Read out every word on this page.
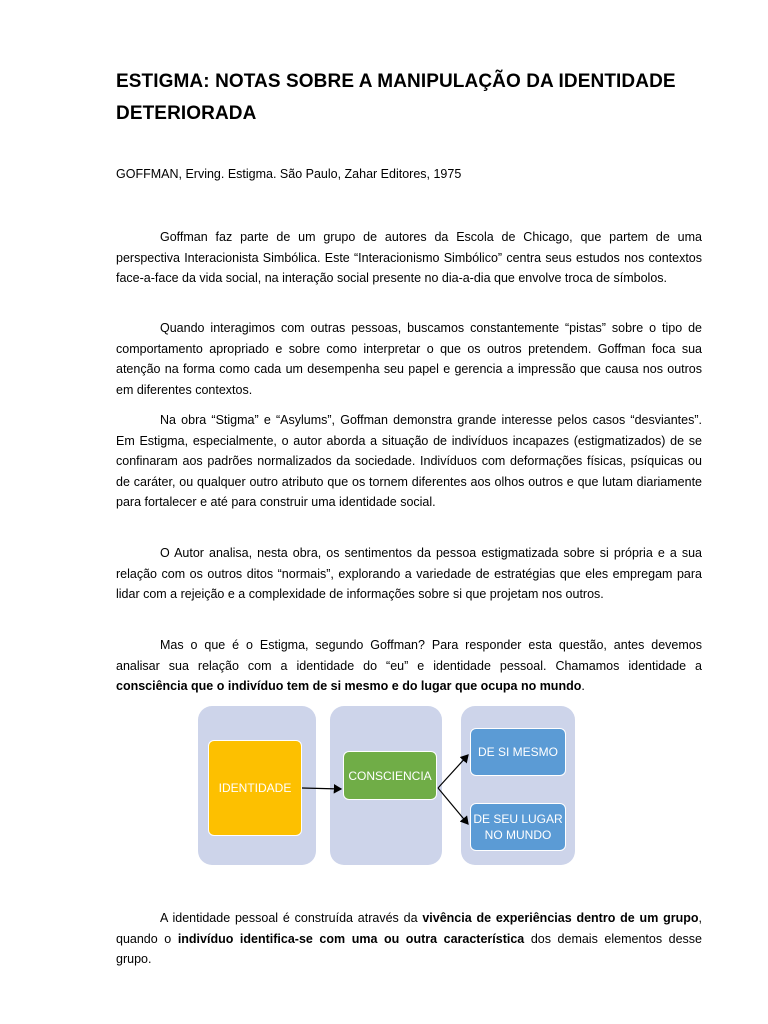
ESTIGMA: NOTAS SOBRE A MANIPULAÇÃO DA IDENTIDADE DETERIORADA
GOFFMAN, Erving. Estigma. São Paulo, Zahar Editores, 1975

Goffman faz parte de um grupo de autores da Escola de Chicago, que partem de uma perspectiva Interacionista Simbólica. Este “Interacionismo Simbólico” centra seus estudos nos contextos face-a-face da vida social, na interação social presente no dia-a-dia que envolve troca de símbolos.

Quando interagimos com outras pessoas, buscamos constantemente “pistas” sobre o tipo de comportamento apropriado e sobre como interpretar o que os outros pretendem. Goffman foca sua atenção na forma como cada um desempenha seu papel e gerencia a impressão que causa nos outros em diferentes contextos.

Na obra “Stigma” e “Asylums”, Goffman demonstra grande interesse pelos casos “desviantes”. Em Estigma, especialmente, o autor aborda a situação de indivíduos incapazes (estigmatizados) de se confinaram aos padrões normalizados da sociedade. Indivíduos com deformações físicas, psíquicas ou de caráter, ou qualquer outro atributo que os tornem diferentes aos olhos outros e que lutam diariamente para fortalecer e até para construir uma identidade social.

O Autor analisa, nesta obra, os sentimentos da pessoa estigmatizada sobre si própria e a sua relação com os outros ditos “normais”, explorando a variedade de estratégias que eles empregam para lidar com a rejeição e a complexidade de informações sobre si que projetam nos outros.

Mas o que é o Estigma, segundo Goffman? Para responder esta questão, antes devemos analisar sua relação com a identidade do “eu” e identidade pessoal. Chamamos identidade a consciência que o indivíduo tem de si mesmo e do lugar que ocupa no mundo.

IDENTIDADE
CONSCIENCIA
DE SI MESMO
DE SEU LUGAR NO MUNDO

A identidade pessoal é construída através da vivência de experiências dentro de um grupo, quando o indivíduo identifica-se com uma ou outra característica dos demais elementos desse grupo.
